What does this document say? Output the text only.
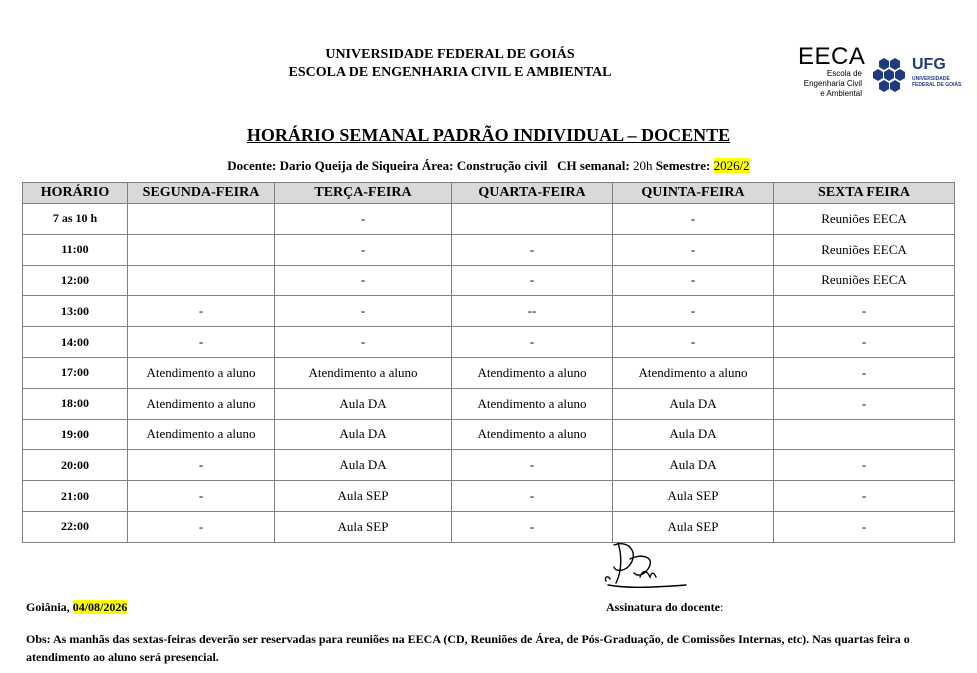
UNIVERSIDADE FEDERAL DE GOIÁS
ESCOLA DE ENGENHARIA CIVIL E AMBIENTAL
EECA
Escola de
Engenharia Civil
e Ambiental
UFG
UNIVERSIDADE
FEDERAL DE GOIÁS
HORÁRIO SEMANAL PADRÃO INDIVIDUAL – DOCENTE
Docente: Dario Queija de Siqueira Área: Construção civil CH semanal: 20h Semestre: 2026/2
HORÁRIO	SEGUNDA-FEIRA	TERÇA-FEIRA	QUARTA-FEIRA	QUINTA-FEIRA	SEXTA FEIRA
7 as 10 h		-		-	Reuniões EECA
11:00		-	-	-	Reuniões EECA
12:00		-	-	-	Reuniões EECA
13:00	-	-	--	-	-
14:00	-	-	-	-	-
17:00	Atendimento a aluno	Atendimento a aluno	Atendimento a aluno	Atendimento a aluno	-
18:00	Atendimento a aluno	Aula DA	Atendimento a aluno	Aula DA	-
19:00	Atendimento a aluno	Aula DA	Atendimento a aluno	Aula DA	
20:00	-	Aula DA	-	Aula DA	-
21:00	-	Aula SEP	-	Aula SEP	-
22:00	-	Aula SEP	-	Aula SEP	-
Goiânia, 04/08/2026	Assinatura do docente:
Obs: As manhãs das sextas-feiras deverão ser reservadas para reuniões na EECA (CD, Reuniões de Área, de Pós-Graduação, de Comissões Internas, etc). Nas quartas feira o atendimento ao aluno será presencial.
